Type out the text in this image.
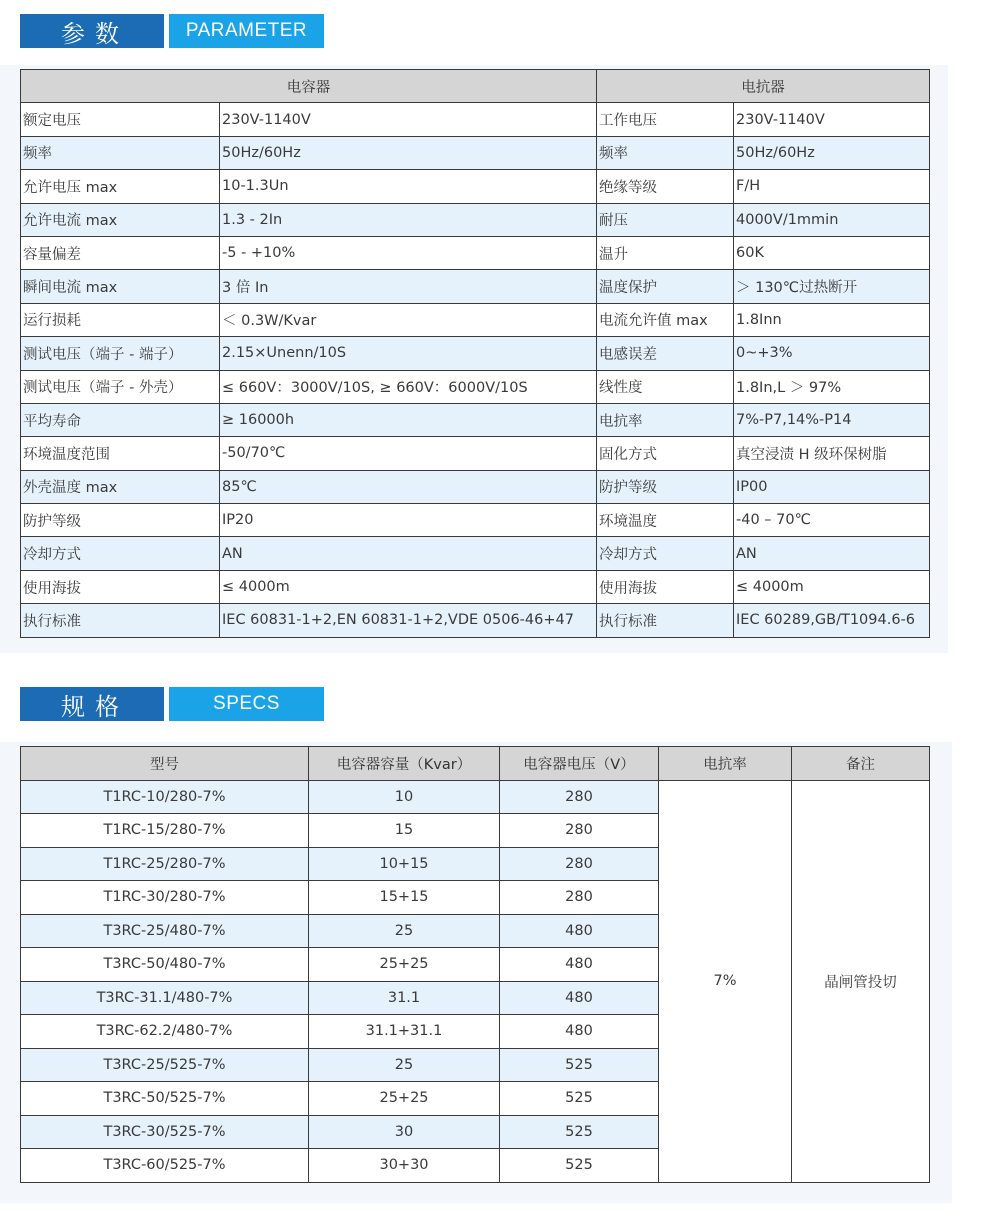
参数	PARAMETER
电容器		电抗器	
额定电压	230V-1140V	工作电压	230V-1140V
频率	50Hz/60Hz	频率	50Hz/60Hz
允许电压 max	10-1.3Un	绝缘等级	F/H
允许电流 max	1.3 - 2In	耐压	4000V/1mmin
容量偏差	-5 - +10%	温升	60K
瞬间电流 max	3 倍 In	温度保护	＞ 130℃过热断开
运行损耗	＜ 0.3W/Kvar	电流允许值 max	1.8Inn
测试电压（端子 - 端子）	2.15×Unenn/10S	电感误差	0~+3%
测试电压（端子 - 外壳）	≤ 660V：3000V/10S, ≥ 660V：6000V/10S	线性度	1.8In,L ＞ 97%
平均寿命	≥ 16000h	电抗率	7%-P7,14%-P14
环境温度范围	-50/70℃	固化方式	真空浸渍 H 级环保树脂
外壳温度 max	85℃	防护等级	IP00
防护等级	IP20	环境温度	-40 – 70℃
冷却方式	AN	冷却方式	AN
使用海拔	≤ 4000m	使用海拔	≤ 4000m
执行标准	IEC 60831-1+2,EN 60831-1+2,VDE 0506-46+47	执行标准	IEC 60289,GB/T1094.6-6
规格	SPECS
型号	电容器容量（Kvar）	电容器电压（V）	电抗率	备注
T1RC-10/280-7%	10	280	7%	晶闸管投切
T1RC-15/280-7%	15	280		
T1RC-25/280-7%	10+15	280		
T1RC-30/280-7%	15+15	280		
T3RC-25/480-7%	25	480		
T3RC-50/480-7%	25+25	480		
T3RC-31.1/480-7%	31.1	480		
T3RC-62.2/480-7%	31.1+31.1	480		
T3RC-25/525-7%	25	525		
T3RC-50/525-7%	25+25	525		
T3RC-30/525-7%	30	525		
T3RC-60/525-7%	30+30	525		
